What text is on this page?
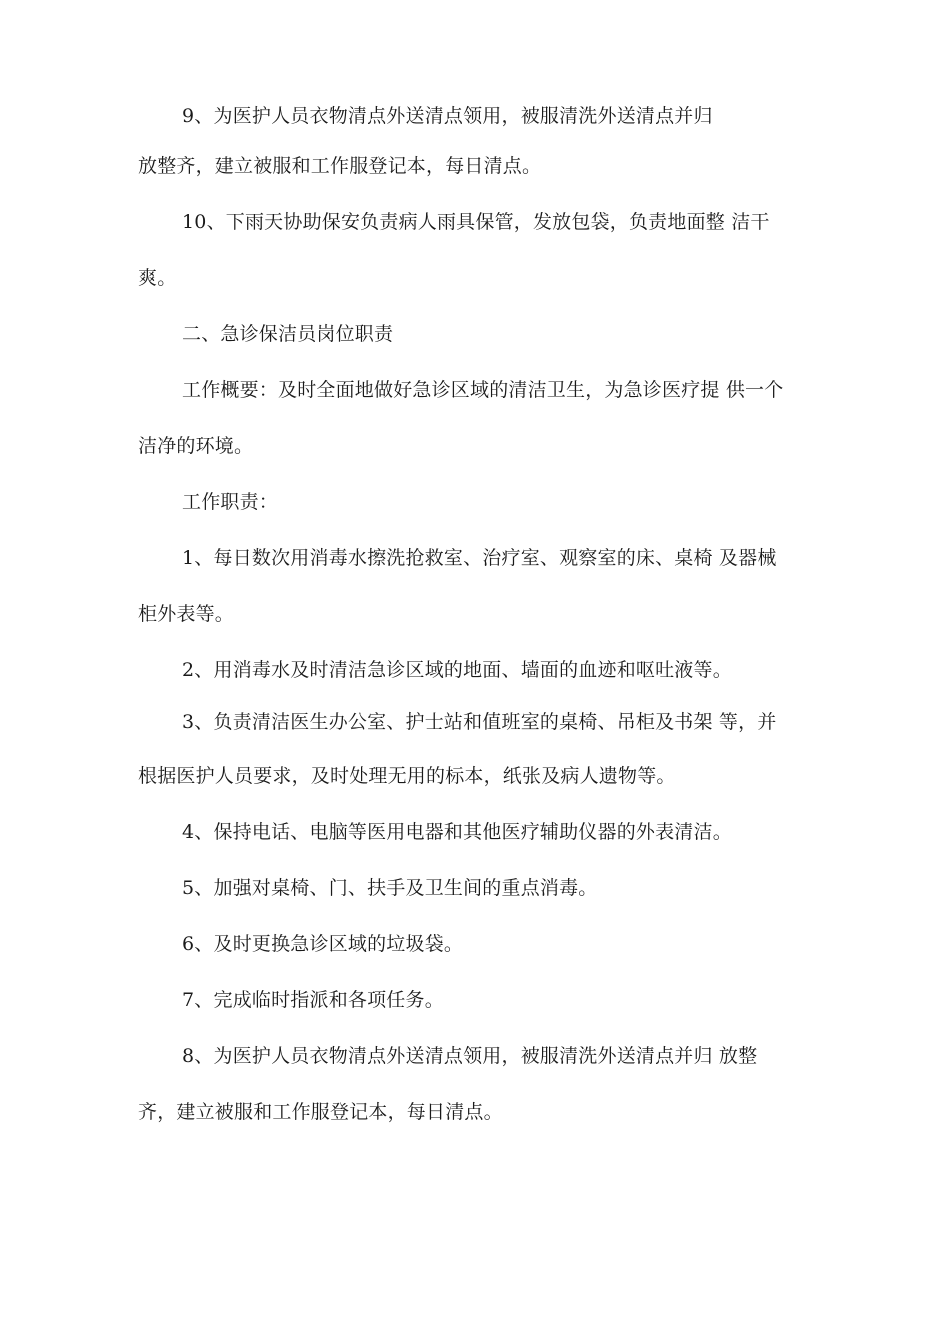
9、为医护人员衣物清点外送清点领用，被服清洗外送清点并归
放整齐，建立被服和工作服登记本，每日清点。
10、下雨天协助保安负责病人雨具保管，发放包袋，负责地面整 洁干
爽。
二、急诊保洁员岗位职责
工作概要：及时全面地做好急诊区域的清洁卫生，为急诊医疗提 供一个
洁净的环境。
工作职责：
1、每日数次用消毒水擦洗抢救室、治疗室、观察室的床、桌椅 及器械
柜外表等。
2、用消毒水及时清洁急诊区域的地面、墙面的血迹和呕吐液等。
3、负责清洁医生办公室、护士站和值班室的桌椅、吊柜及书架 等，并
根据医护人员要求，及时处理无用的标本，纸张及病人遗物等。
4、保持电话、电脑等医用电器和其他医疗辅助仪器的外表清洁。
5、加强对桌椅、门、扶手及卫生间的重点消毒。
6、及时更换急诊区域的垃圾袋。
7、完成临时指派和各项任务。
8、为医护人员衣物清点外送清点领用，被服清洗外送清点并归 放整
齐，建立被服和工作服登记本，每日清点。
